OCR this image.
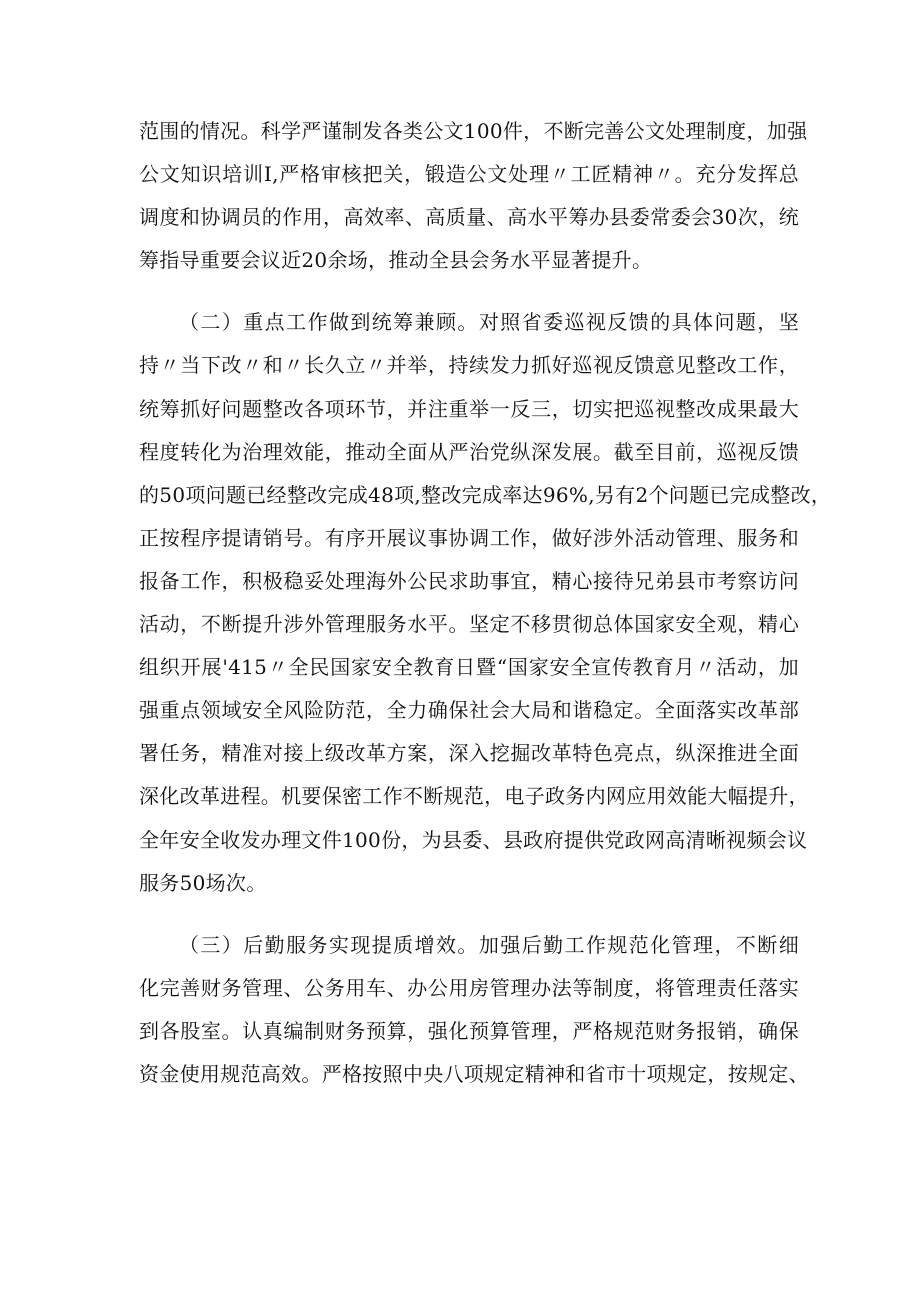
范围的情况。科学严谨制发各类公文100件，不断完善公文处理制度，加强
公文知识培训I,严格审核把关，锻造公文处理〃工匠精神〃。充分发挥总
调度和协调员的作用，高效率、高质量、高水平筹办县委常委会30次，统
筹指导重要会议近20余场，推动全县会务水平显著提升。
（二）重点工作做到统筹兼顾。对照省委巡视反馈的具体问题，坚
持〃当下改〃和〃长久立〃并举，持续发力抓好巡视反馈意见整改工作，
统筹抓好问题整改各项环节，并注重举一反三，切实把巡视整改成果最大
程度转化为治理效能，推动全面从严治党纵深发展。截至目前，巡视反馈
的50项问题已经整改完成48项,整改完成率达96%,另有2个问题已完成整改，
正按程序提请销号。有序开展议事协调工作，做好涉外活动管理、服务和
报备工作，积极稳妥处理海外公民求助事宜，精心接待兄弟县市考察访问
活动，不断提升涉外管理服务水平。坚定不移贯彻总体国家安全观，精心
组织开展'415〃全民国家安全教育日暨“国家安全宣传教育月〃活动，加
强重点领域安全风险防范，全力确保社会大局和谐稳定。全面落实改革部
署任务，精准对接上级改革方案，深入挖掘改革特色亮点，纵深推进全面
深化改革进程。机要保密工作不断规范，电子政务内网应用效能大幅提升，
全年安全收发办理文件100份，为县委、县政府提供党政网高清晰视频会议
服务50场次。
（三）后勤服务实现提质增效。加强后勤工作规范化管理，不断细
化完善财务管理、公务用车、办公用房管理办法等制度，将管理责任落实
到各股室。认真编制财务预算，强化预算管理，严格规范财务报销，确保
资金使用规范高效。严格按照中央八项规定精神和省市十项规定，按规定、
